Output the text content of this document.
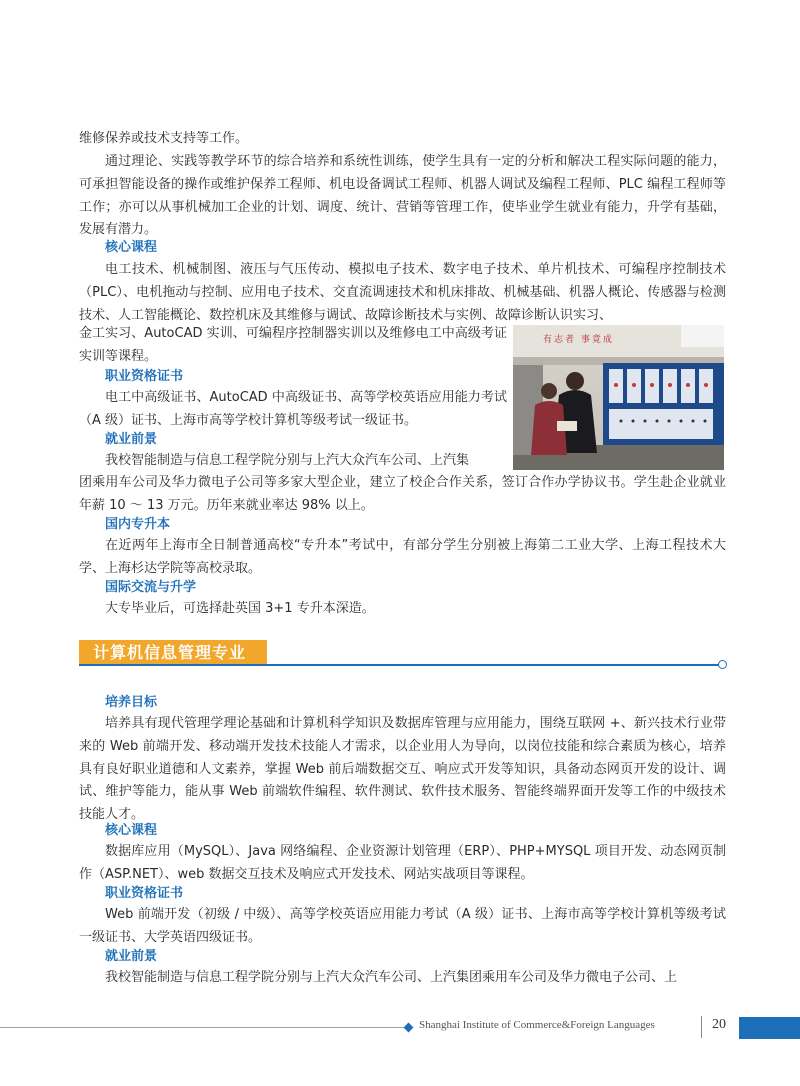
维修保养或技术支持等工作。

通过理论、实践等教学环节的综合培养和系统性训练，使学生具有一定的分析和解决工程实际问题的能力，可承担智能设备的操作或维护保养工程师、机电设备调试工程师、机器人调试及编程工程师、PLC 编程工程师等工作；亦可以从事机械加工企业的计划、调度、统计、营销等管理工作，使毕业学生就业有能力，升学有基础，发展有潜力。

核心课程

电工技术、机械制图、液压与气压传动、模拟电子技术、数字电子技术、单片机技术、可编程序控制技术（PLC）、电机拖动与控制、应用电子技术、交直流调速技术和机床排故、机械基础、机器人概论、传感器与检测技术、人工智能概论、数控机床及其维修与调试、故障诊断技术与实例、故障诊断认识实习、

金工实习、AutoCAD 实训、可编程序控制器实训以及维修电工中高级考证实训等课程。

职业资格证书

电工中高级证书、AutoCAD 中高级证书、高等学校英语应用能力考试（A 级）证书、上海市高等学校计算机等级考试一级证书。

就业前景

我校智能制造与信息工程学院分别与上汽大众汽车公司、上汽集

团乘用车公司及华力微电子公司等多家大型企业，建立了校企合作关系，签订合作办学协议书。学生赴企业就业年薪 10 ～ 13 万元。历年来就业率达 98% 以上。

国内专升本

在近两年上海市全日制普通高校“专升本”考试中，有部分学生分别被上海第二工业大学、上海工程技术大学、上海杉达学院等高校录取。

国际交流与升学

大专毕业后，可选择赴英国 3+1 专升本深造。

有志者 事竟成
计算机信息管理专业
培养目标

培养具有现代管理学理论基础和计算机科学知识及数据库管理与应用能力，围绕互联网 +、新兴技术行业带来的 Web 前端开发、移动端开发技术技能人才需求，以企业用人为导向，以岗位技能和综合素质为核心，培养具有良好职业道德和人文素养，掌握 Web 前后端数据交互、响应式开发等知识，具备动态网页开发的设计、调试、维护等能力，能从事 Web 前端软件编程、软件测试、软件技术服务、智能终端界面开发等工作的中级技术技能人才。

核心课程

数据库应用（MySQL）、Java 网络编程、企业资源计划管理（ERP）、PHP+MYSQL 项目开发、动态网页制作（ASP.NET）、web 数据交互技术及响应式开发技术、网站实战项目等课程。

职业资格证书

Web 前端开发（初级 / 中级）、高等学校英语应用能力考试（A 级）证书、上海市高等学校计算机等级考试一级证书、大学英语四级证书。

就业前景

我校智能制造与信息工程学院分别与上汽大众汽车公司、上汽集团乘用车公司及华力微电子公司、上

Shanghai Institute of Commerce&Foreign Languages	20
